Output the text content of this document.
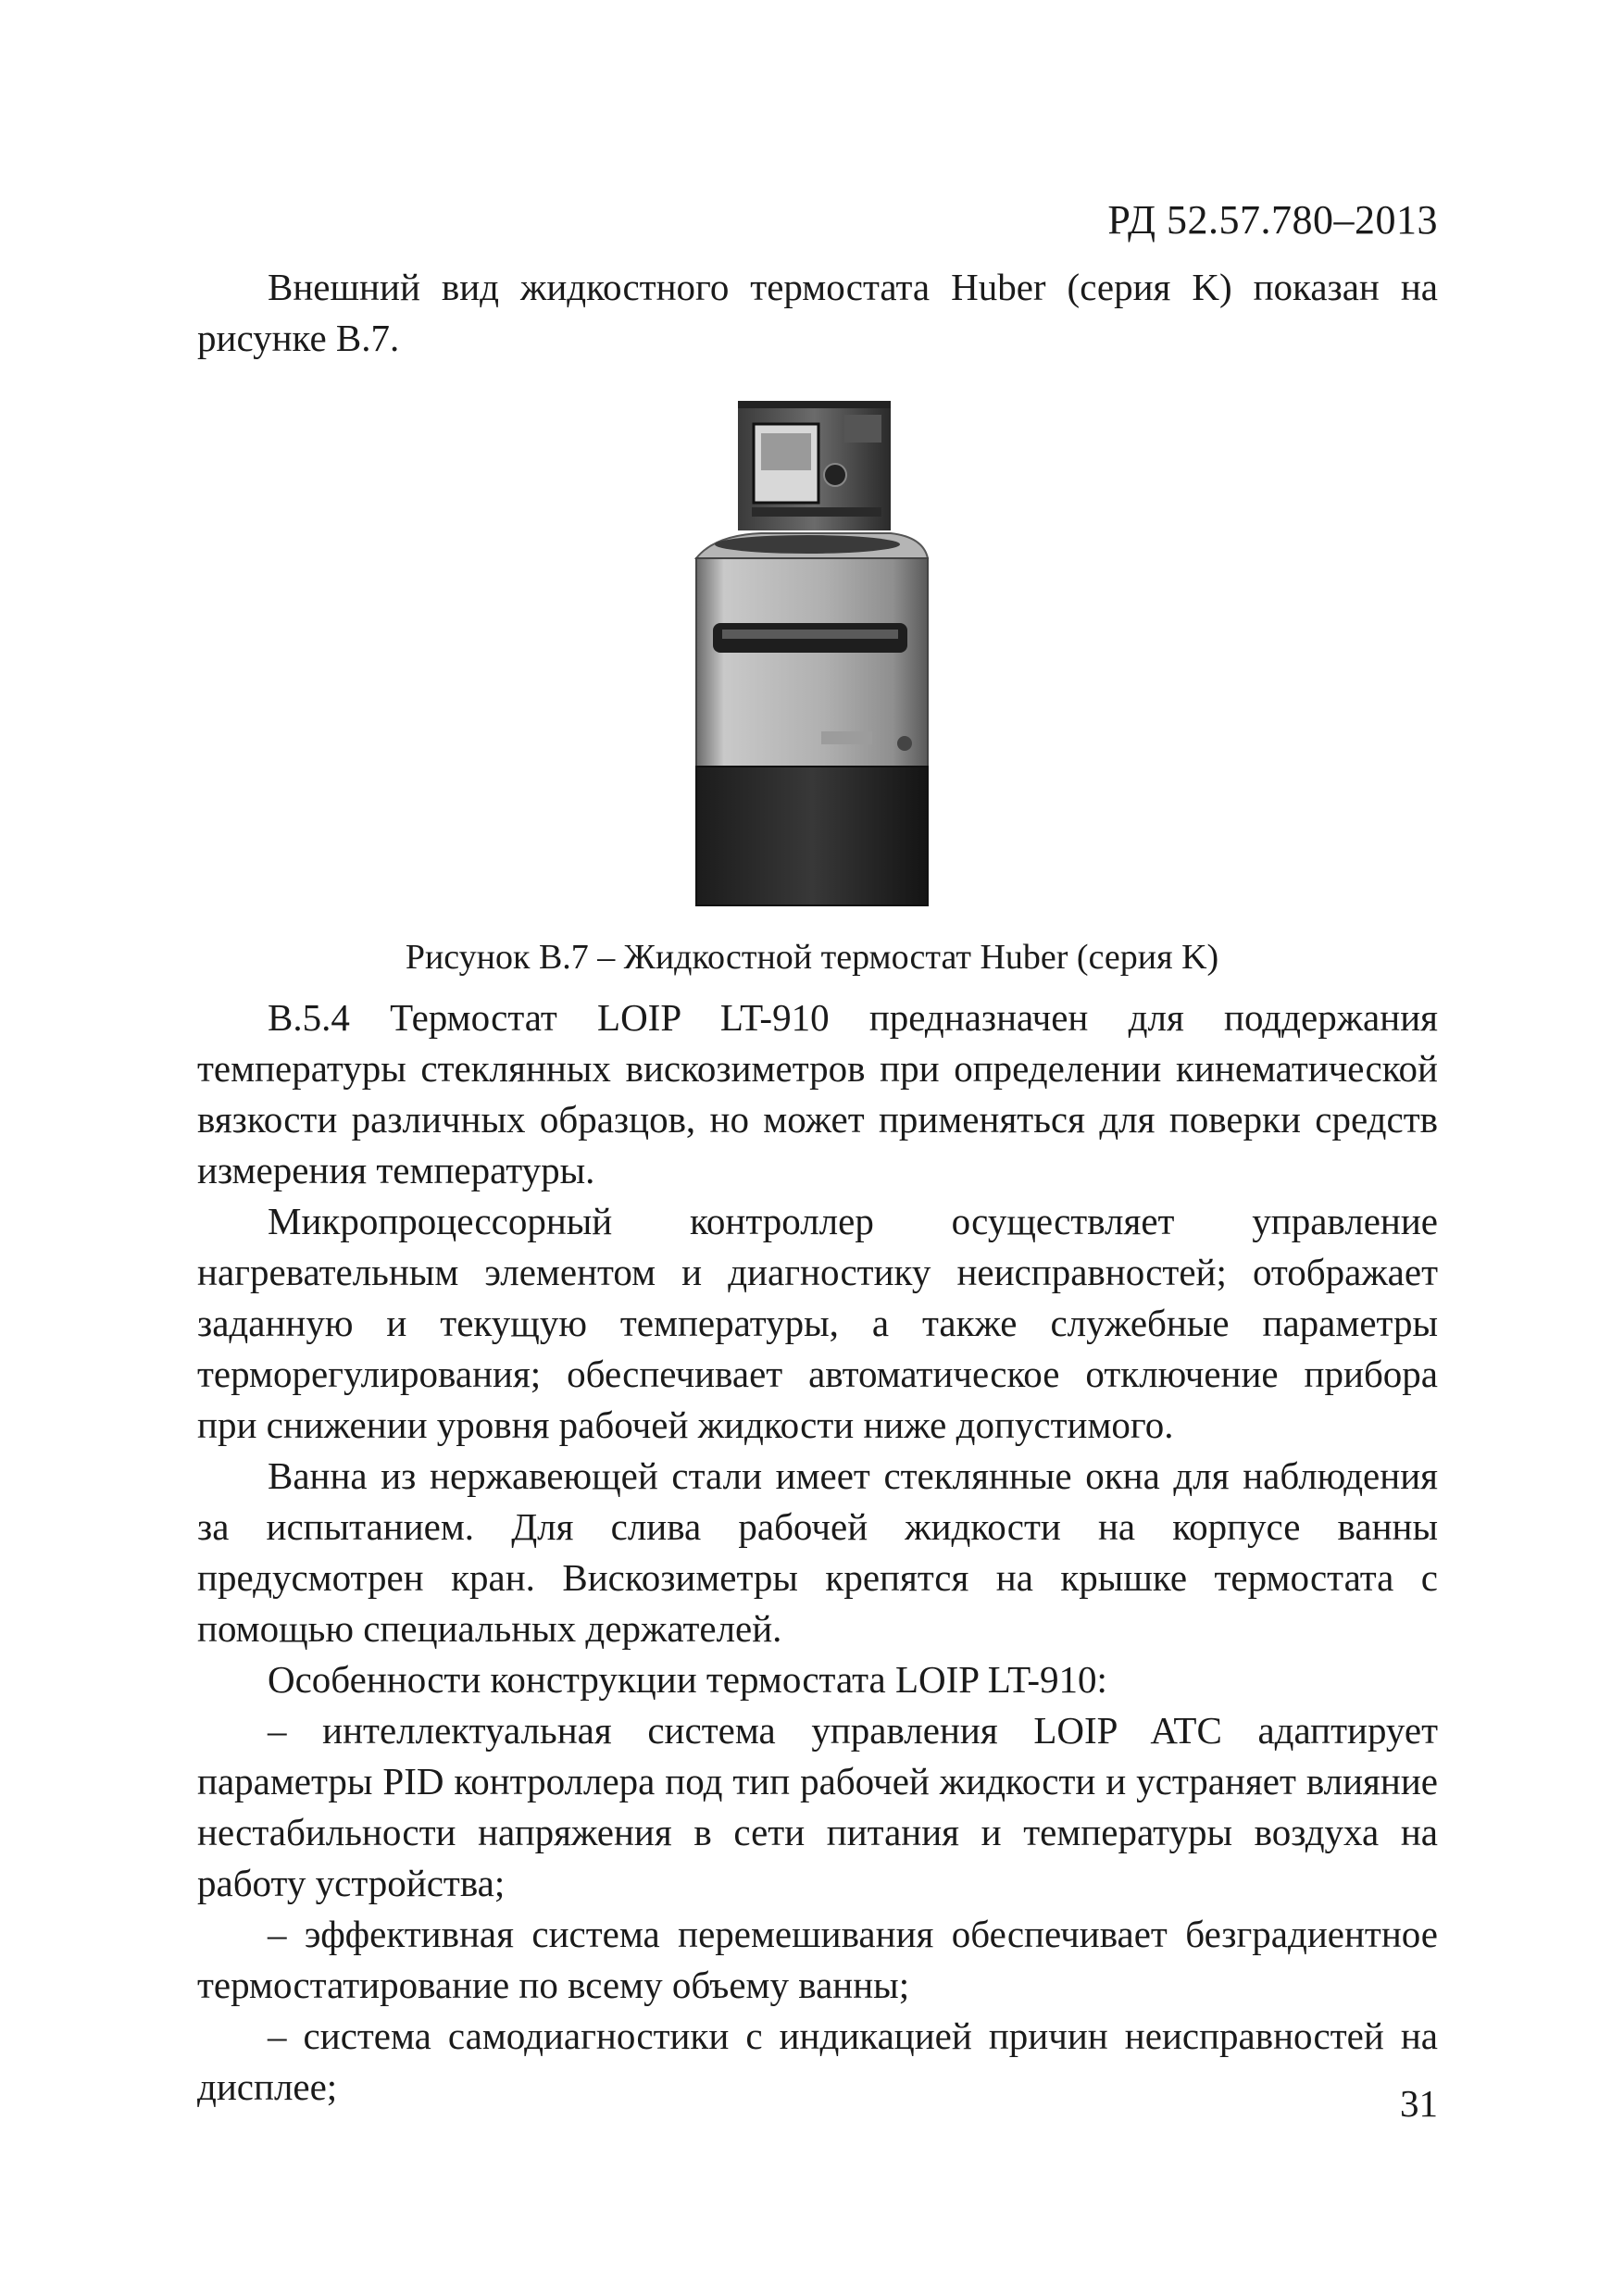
РД 52.57.780–2013

Внешний вид жидкостного термостата Huber (серия K) показан на рисунке В.7.

Рисунок В.7 – Жидкостной термостат Huber (серия K)

В.5.4 Термостат LOIP LT-910 предназначен для поддержания температуры стеклянных вискозиметров при определении кинематической вязкости различных образцов, но может применяться для поверки средств измерения температуры.

Микропроцессорный контроллер осуществляет управление нагревательным элементом и диагностику неисправностей; отображает заданную и текущую температуры, а также служебные параметры терморегулирования; обеспечивает автоматическое отключение прибора при снижении уровня рабочей жидкости ниже допустимого.

Ванна из нержавеющей стали имеет стеклянные окна для наблюдения за испытанием. Для слива рабочей жидкости на корпусе ванны предусмотрен кран. Вискозиметры крепятся на крышке термостата с помощью специальных держателей.

Особенности конструкции термостата LOIP LT-910:

– интеллектуальная система управления LOIP ATC адаптирует параметры PID контроллера под тип рабочей жидкости и устраняет влияние нестабильности напряжения в сети питания и температуры воздуха на работу устройства;

– эффективная система перемешивания обеспечивает безградиентное термостатирование по всему объему ванны;

– система самодиагностики с индикацией причин неисправностей на дисплее;	31
